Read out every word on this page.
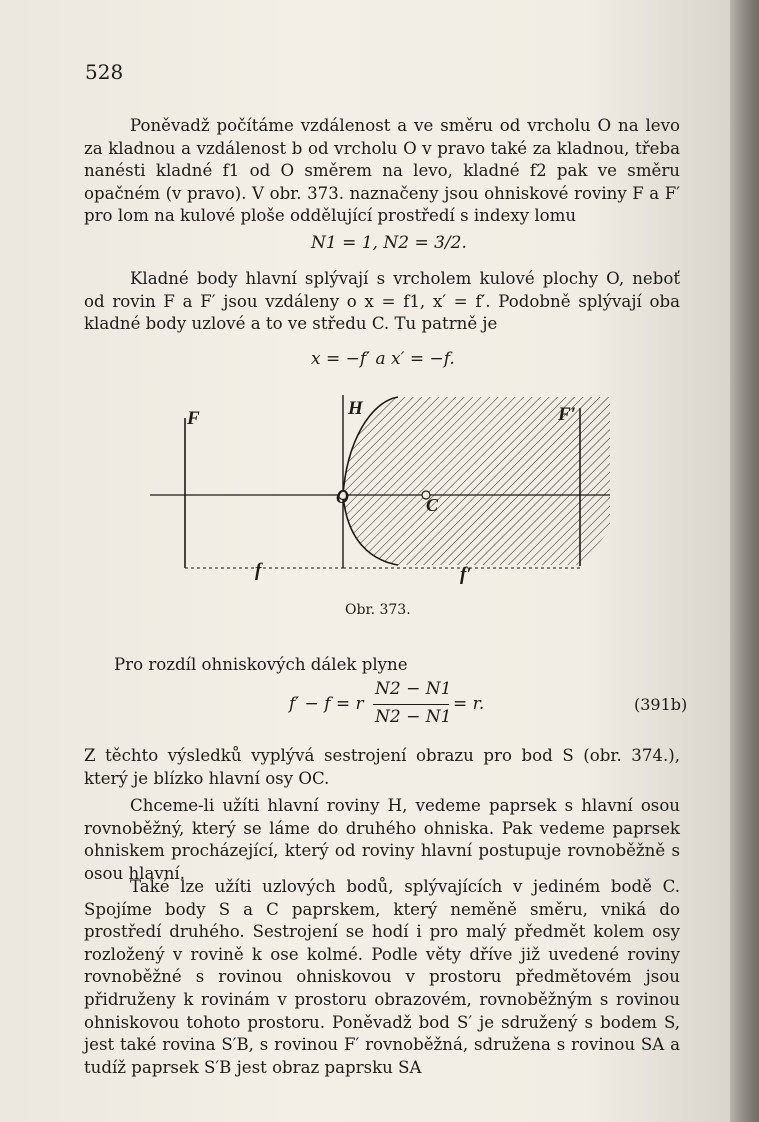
528

Poněvadž počítáme vzdálenost a ve směru od vrcholu O na levo za kladnou a vzdálenost b od vrcholu O v pravo také za kladnou, třeba nanésti kladné f1 od O směrem na levo, kladné f2 pak ve směru opačném (v pravo). V obr. 373. naznačeny jsou ohniskové roviny F a F′ pro lom na kulové ploše oddělující prostředí s indexy lomu

N1 = 1, N2 = 3/2.

Kladné body hlavní splývají s vrcholem kulové plochy O, neboť od rovin F a F′ jsou vzdáleny o x = f1, x′ = f′. Podobně splývají oba kladné body uzlové a to ve středu C. Tu patrně je

x = −f′ a x′ = −f.
F	H	F′
O	C
f	f′
Obr. 373.

Pro rozdíl ohniskových dálek plyne

f′ − f = r
N2 − N1
N2 − N1
= r.	(391b)

Z těchto výsledků vyplývá sestrojení obrazu pro bod S (obr. 374.), který je blízko hlavní osy OC.

Chceme-li užíti hlavní roviny H, vedeme paprsek s hlavní osou rovnoběžný, který se láme do druhého ohniska. Pak vedeme paprsek ohniskem procházející, který od roviny hlavní postupuje rovnoběžně s osou hlavní.

Také lze užíti uzlových bodů, splývajících v jediném bodě C. Spojíme body S a C paprskem, který neměně směru, vniká do prostředí druhého. Sestrojení se hodí i pro malý předmět kolem osy rozložený v rovině k ose kolmé. Podle věty dříve již uvedené roviny rovnoběžné s rovinou ohniskovou v prostoru předmětovém jsou přidruženy k rovinám v prostoru obrazovém, rovnoběžným s rovinou ohniskovou tohoto prostoru. Poněvadž bod S′ je sdružený s bodem S, jest také rovina S′B, s rovinou F′ rovnoběžná, sdružena s rovinou SA a tudíž paprsek S′B jest obraz paprsku SA
